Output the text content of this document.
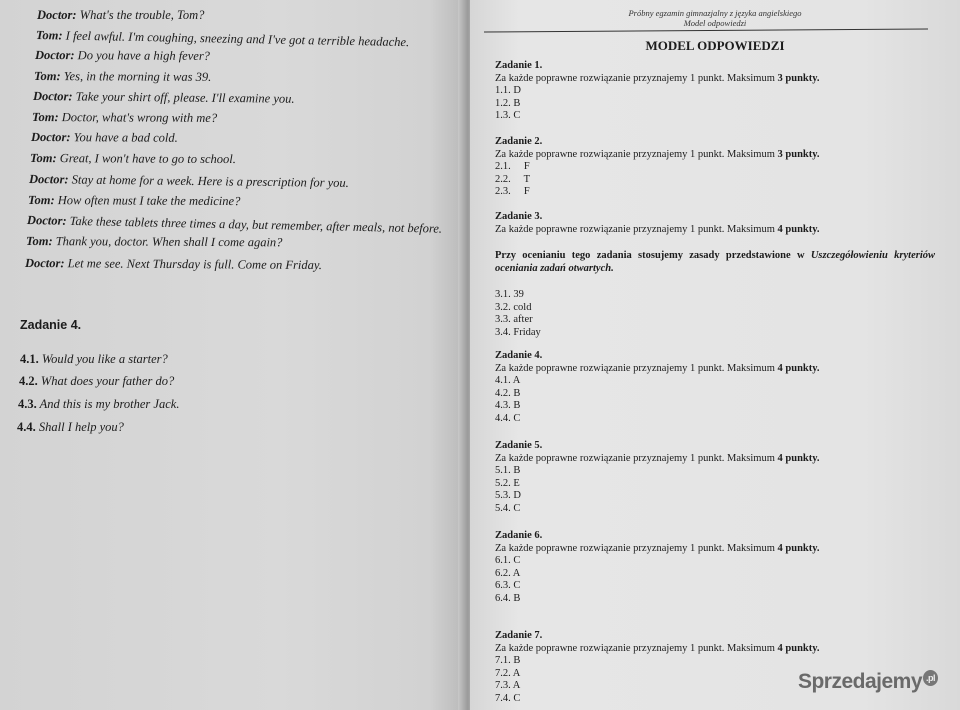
Zadanie 4.
Doctor: What's the trouble, Tom?
Tom: I feel awful. I'm coughing, sneezing and I've got a terrible headache.
Doctor: Do you have a high fever?
Tom: Yes, in the morning it was 39.
Doctor: Take your shirt off, please. I'll examine you.
Tom: Doctor, what's wrong with me?
Doctor: You have a bad cold.
Tom: Great, I won't have to go to school.
Doctor: Stay at home for a week. Here is a prescription for you.
Tom: How often must I take the medicine?
Doctor: Take these tablets three times a day, but remember, after meals, not before.
Tom: Thank you, doctor. When shall I come again?
Doctor: Let me see. Next Thursday is full. Come on Friday.
4.1. Would you like a starter?
4.2. What does your father do?
4.3. And this is my brother Jack.
4.4. Shall I help you?
Próbny egzamin gimnazjalny z języka angielskiego
Model odpowiedzi
MODEL ODPOWIEDZI
Przy ocenianiu tego zadania stosujemy zasady przedstawione w Uszczegółowieniu kryteriów oceniania zadań otwartych.
Zadanie 1.
Za każde poprawne rozwiązanie przyznajemy 1 punkt. Maksimum 3 punkty.
1.1. D
1.2. B
1.3. C
Zadanie 2.
Za każde poprawne rozwiązanie przyznajemy 1 punkt. Maksimum 3 punkty.
2.1.     F
2.2.     T
2.3.     F
Zadanie 3.
Za każde poprawne rozwiązanie przyznajemy 1 punkt. Maksimum 4 punkty.
3.1. 39
3.2. cold
3.3. after
3.4. Friday
Zadanie 4.
Za każde poprawne rozwiązanie przyznajemy 1 punkt. Maksimum 4 punkty.
4.1. A
4.2. B
4.3. B
4.4. C
Zadanie 5.
Za każde poprawne rozwiązanie przyznajemy 1 punkt. Maksimum 4 punkty.
5.1. B
5.2. E
5.3. D
5.4. C
Zadanie 6.
Za każde poprawne rozwiązanie przyznajemy 1 punkt. Maksimum 4 punkty.
6.1. C
6.2. A
6.3. C
6.4. B
Zadanie 7.
Za każde poprawne rozwiązanie przyznajemy 1 punkt. Maksimum 4 punkty.
7.1. B
7.2. A
7.3. A
7.4. C
Sprzedajemy .pl
